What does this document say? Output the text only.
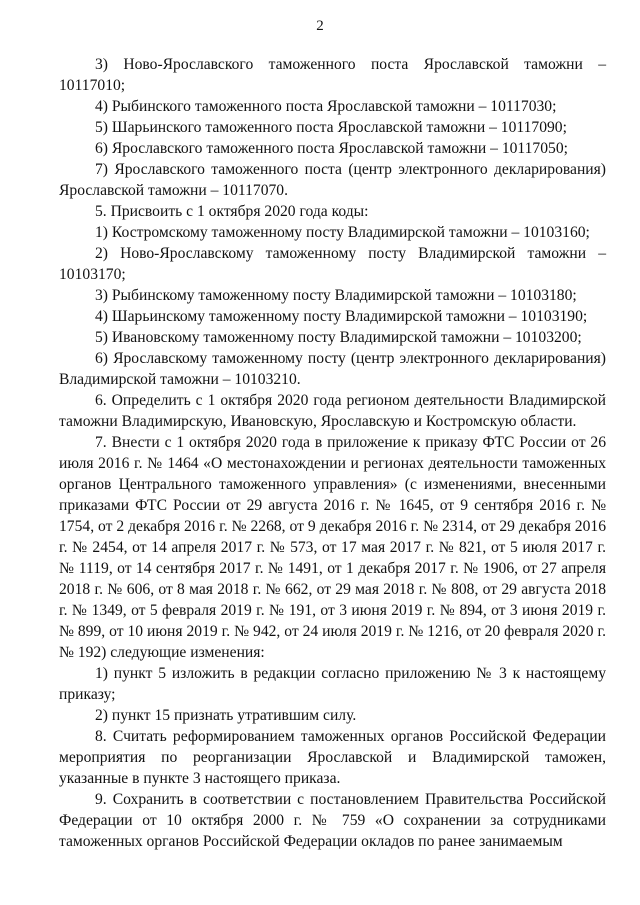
2

3) Ново-Ярославского таможенного поста Ярославской таможни – 10117010;

4) Рыбинского таможенного поста Ярославской таможни – 10117030;

5) Шарьинского таможенного поста Ярославской таможни – 10117090;

6) Ярославского таможенного поста Ярославской таможни – 10117050;

7) Ярославского таможенного поста (центр электронного декларирования) Ярославской таможни – 10117070.

5. Присвоить с 1 октября 2020 года коды:

1) Костромскому таможенному посту Владимирской таможни – 10103160;

2) Ново-Ярославскому таможенному посту Владимирской таможни – 10103170;

3) Рыбинскому таможенному посту Владимирской таможни – 10103180;

4) Шарьинскому таможенному посту Владимирской таможни – 10103190;

5) Ивановскому таможенному посту Владимирской таможни – 10103200;

6) Ярославскому таможенному посту (центр электронного декларирования) Владимирской таможни – 10103210.

6. Определить с 1 октября 2020 года регионом деятельности Владимирской таможни Владимирскую, Ивановскую, Ярославскую и Костромскую области.

7. Внести с 1 октября 2020 года в приложение к приказу ФТС России от 26 июля 2016 г. № 1464 «О местонахождении и регионах деятельности таможенных органов Центрального таможенного управления» (с изменениями, внесенными приказами ФТС России от 29 августа 2016 г. № 1645, от 9 сентября 2016 г. № 1754, от 2 декабря 2016 г. № 2268, от 9 декабря 2016 г. № 2314, от 29 декабря 2016 г. № 2454, от 14 апреля 2017 г. № 573, от 17 мая 2017 г. № 821, от 5 июля 2017 г. № 1119, от 14 сентября 2017 г. № 1491, от 1 декабря 2017 г. № 1906, от 27 апреля 2018 г. № 606, от 8 мая 2018 г. № 662, от 29 мая 2018 г. № 808, от 29 августа 2018 г. № 1349, от 5 февраля 2019 г. № 191, от 3 июня 2019 г. № 894, от 3 июня 2019 г. № 899, от 10 июня 2019 г. № 942, от 24 июля 2019 г. № 1216, от 20 февраля 2020 г. № 192) следующие изменения:

1) пункт 5 изложить в редакции согласно приложению № 3 к настоящему приказу;

2) пункт 15 признать утратившим силу.

8. Считать реформированием таможенных органов Российской Федерации мероприятия по реорганизации Ярославской и Владимирской таможен, указанные в пункте 3 настоящего приказа.

9. Сохранить в соответствии с постановлением Правительства Российской Федерации от 10 октября 2000 г. № 759 «О сохранении за сотрудниками таможенных органов Российской Федерации окладов по ранее занимаемым
